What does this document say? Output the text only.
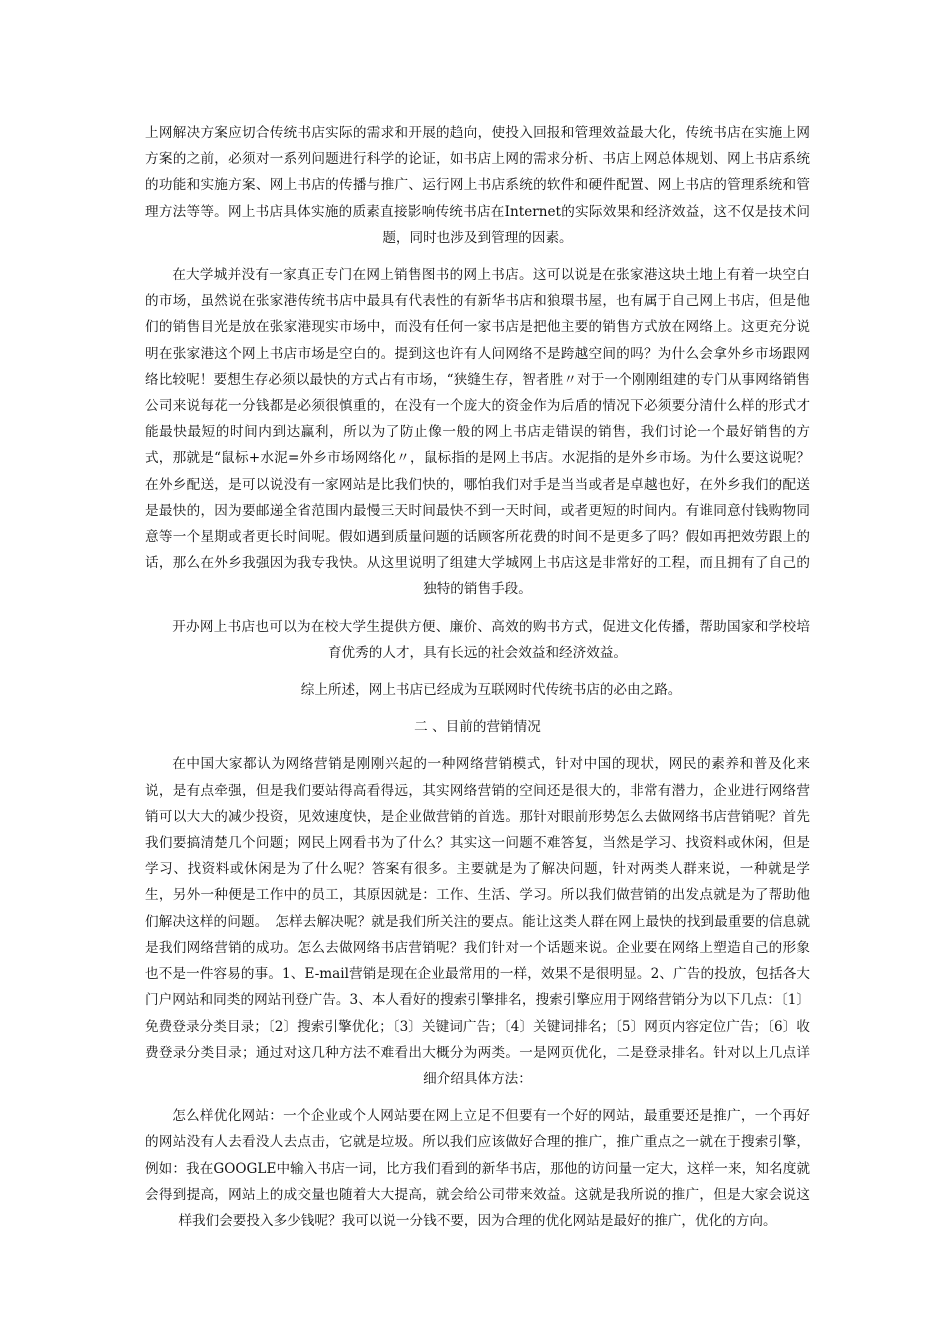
上网解决方案应切合传统书店实际的需求和开展的趋向，使投入回报和管理效益最大化，传统书店在实施上网方案的之前，必须对一系列问题进行科学的论证，如书店上网的需求分析、书店上网总体规划、网上书店系统的功能和实施方案、网上书店的传播与推广、运行网上书店系统的软件和硬件配置、网上书店的管理系统和管理方法等等。网上书店具体实施的质素直接影响传统书店在Internet的实际效果和经济效益，这不仅是技术问题，同时也涉及到管理的因素。

在大学城并没有一家真正专门在网上销售图书的网上书店。这可以说是在张家港这块土地上有着一块空白的市场，虽然说在张家港传统书店中最具有代表性的有新华书店和狼環书屋，也有属于自己网上书店，但是他们的销售目光是放在张家港现实市场中，而没有任何一家书店是把他主要的销售方式放在网络上。这更充分说明在张家港这个网上书店市场是空白的。提到这也许有人问网络不是跨越空间的吗？为什么会拿外乡市场跟网络比较呢！要想生存必须以最快的方式占有市场，“狭缝生存，智者胜〃对于一个刚刚组建的专门从事网络销售公司来说每花一分钱都是必须很慎重的，在没有一个庞大的资金作为后盾的情况下必须要分清什么样的形式才能最快最短的时间内到达赢利，所以为了防止像一般的网上书店走错误的销售，我们讨论一个最好销售的方式，那就是“鼠标+水泥=外乡市场网络化〃，鼠标指的是网上书店。水泥指的是外乡市场。为什么要这说呢？在外乡配送，是可以说没有一家网站是比我们快的，哪怕我们对手是当当或者是卓越也好，在外乡我们的配送是最快的，因为要邮递全省范围内最慢三天时间最快不到一天时间，或者更短的时间内。有谁同意付钱购物同意等一个星期或者更长时间呢。假如遇到质量问题的话顾客所花费的时间不是更多了吗？假如再把效劳跟上的话，那么在外乡我强因为我专我快。从这里说明了组建大学城网上书店这是非常好的工程，而且拥有了自己的独特的销售手段。

开办网上书店也可以为在校大学生提供方便、廉价、高效的购书方式，促进文化传播，帮助国家和学校培育优秀的人才，具有长远的社会效益和经济效益。

综上所述，网上书店已经成为互联网时代传统书店的必由之路。

二 、目前的营销情况

在中国大家都认为网络营销是刚刚兴起的一种网络营销模式，针对中国的现状，网民的素养和普及化来说，是有点牵强，但是我们要站得高看得远，其实网络营销的空间还是很大的，非常有潜力，企业进行网络营销可以大大的减少投资，见效速度快，是企业做营销的首选。那针对眼前形势怎么去做网络书店营销呢？首先我们要搞清楚几个问题；网民上网看书为了什么？其实这一问题不难答复，当然是学习、找资料或休闲，但是学习、找资料或休闲是为了什么呢？答案有很多。主要就是为了解决问题，针对两类人群来说，一种就是学生，另外一种便是工作中的员工，其原因就是：工作、生活、学习。所以我们做营销的出发点就是为了帮助他们解决这样的问题。　怎样去解决呢？就是我们所关注的要点。能让这类人群在网上最快的找到最重要的信息就是我们网络营销的成功。怎么去做网络书店营销呢？我们针对一个话题来说。企业要在网络上塑造自己的形象也不是一件容易的事。1、E-mail营销是现在企业最常用的一样，效果不是很明显。2、广告的投放，包括各大门户网站和同类的网站刊登广告。3、本人看好的搜索引擎排名，搜索引擎应用于网络营销分为以下几点：〔1〕免费登录分类目录；〔2〕搜索引擎优化；〔3〕关键词广告；〔4〕关键词排名；〔5〕网页内容定位广告；〔6〕收费登录分类目录；通过对这几种方法不难看出大概分为两类。一是网页优化，二是登录排名。针对以上几点详细介绍具体方法：

怎么样优化网站：一个企业或个人网站要在网上立足不但要有一个好的网站，最重要还是推广，一个再好的网站没有人去看没人去点击，它就是垃圾。所以我们应该做好合理的推广，推广重点之一就在于搜索引擎，例如：我在GOOGLE中输入书店一词，比方我们看到的新华书店，那他的访问量一定大，这样一来，知名度就会得到提高，网站上的成交量也随着大大提高，就会给公司带来效益。这就是我所说的推广，但是大家会说这样我们会要投入多少钱呢？我可以说一分钱不要，因为合理的优化网站是最好的推广，优化的方向。
